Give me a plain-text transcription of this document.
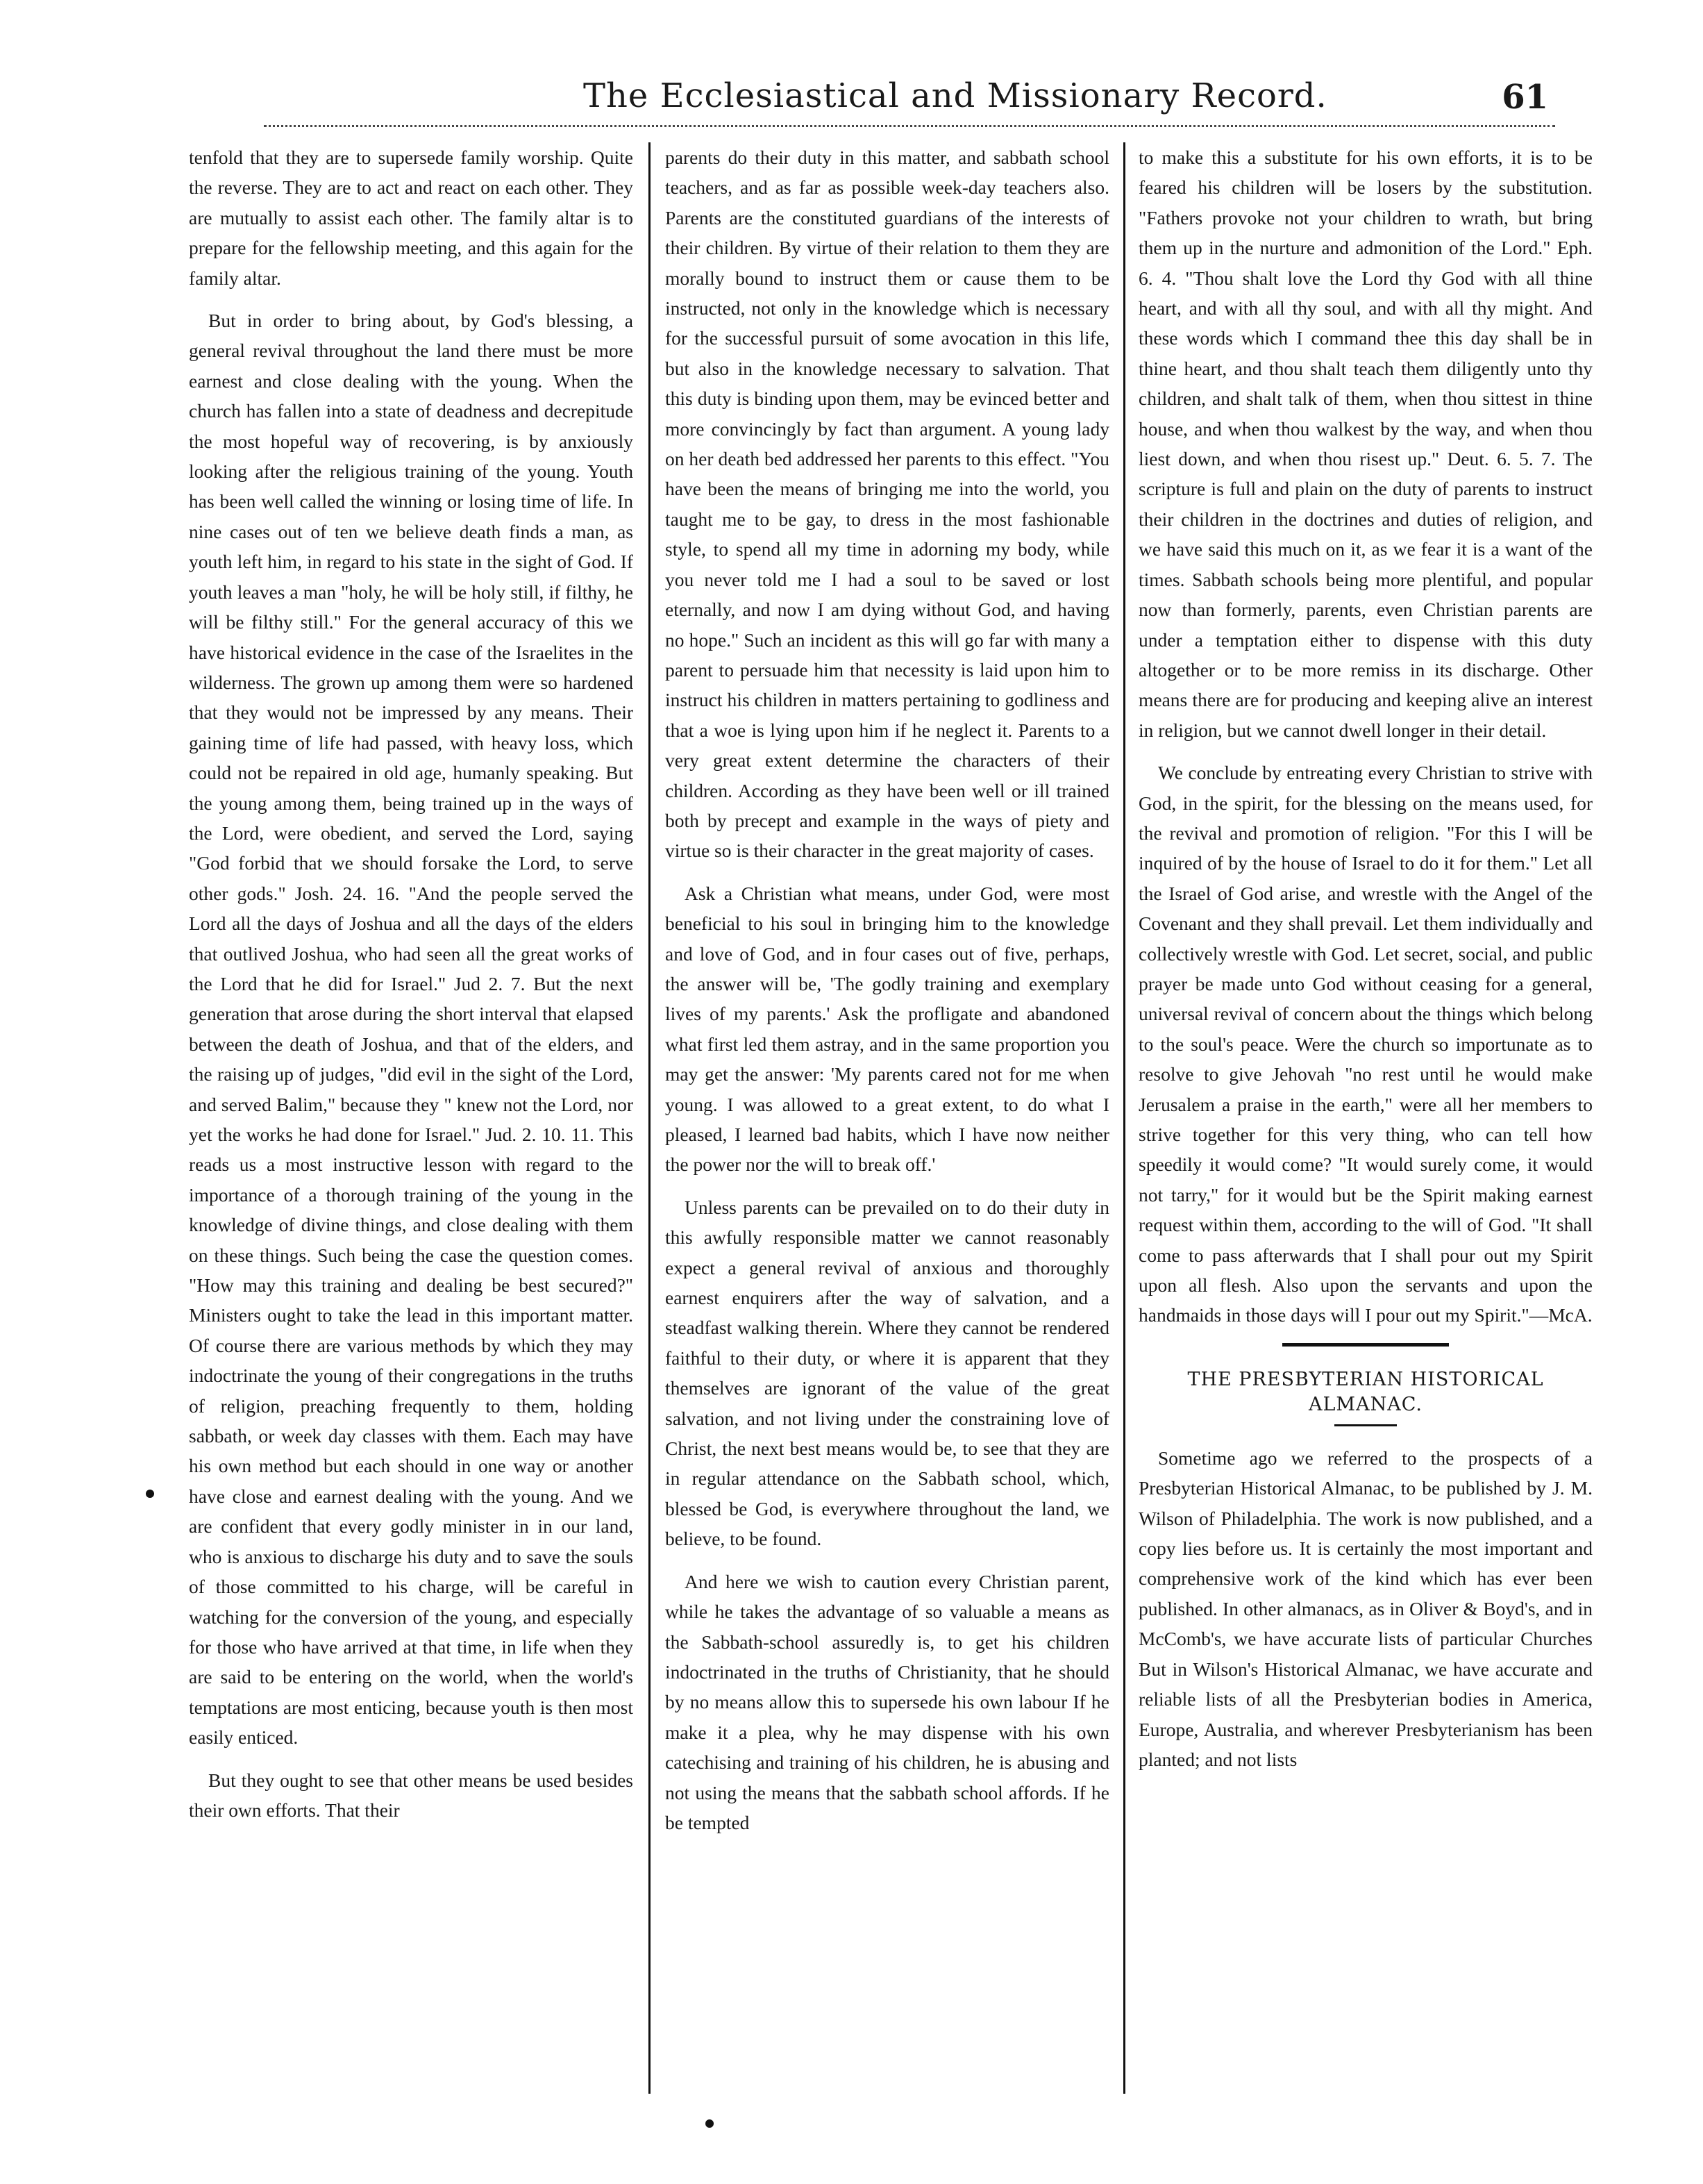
The Ecclesiastical and Missionary Record.	61

tenfold that they are to supersede family worship. Quite the reverse. They are to act and react on each other. They are mutually to assist each other. The family altar is to prepare for the fellowship meeting, and this again for the family altar.

But in order to bring about, by God's blessing, a general revival throughout the land there must be more earnest and close dealing with the young. When the church has fallen into a state of deadness and decrepitude the most hopeful way of recovering, is by anxiously looking after the religious training of the young. Youth has been well called the winning or losing time of life. In nine cases out of ten we believe death finds a man, as youth left him, in regard to his state in the sight of God. If youth leaves a man "holy, he will be holy still, if filthy, he will be filthy still." For the general accuracy of this we have historical evidence in the case of the Israelites in the wilderness. The grown up among them were so hardened that they would not be impressed by any means. Their gaining time of life had passed, with heavy loss, which could not be repaired in old age, humanly speaking. But the young among them, being trained up in the ways of the Lord, were obedient, and served the Lord, saying "God forbid that we should forsake the Lord, to serve other gods." Josh. 24. 16. "And the people served the Lord all the days of Joshua and all the days of the elders that outlived Joshua, who had seen all the great works of the Lord that he did for Israel." Jud 2. 7. But the next generation that arose during the short interval that elapsed between the death of Joshua, and that of the elders, and the raising up of judges, "did evil in the sight of the Lord, and served Balim," because they " knew not the Lord, nor yet the works he had done for Israel." Jud. 2. 10. 11. This reads us a most instructive lesson with regard to the importance of a thorough training of the young in the knowledge of divine things, and close dealing with them on these things. Such being the case the question comes. "How may this training and dealing be best secured?" Ministers ought to take the lead in this important matter. Of course there are various methods by which they may indoctrinate the young of their congregations in the truths of religion, preaching frequently to them, holding sabbath, or week day classes with them. Each may have his own method but each should in one way or another have close and earnest dealing with the young. And we are confident that every godly minister in in our land, who is anxious to discharge his duty and to save the souls of those committed to his charge, will be careful in watching for the conversion of the young, and especially for those who have arrived at that time, in life when they are said to be entering on the world, when the world's temptations are most enticing, because youth is then most easily enticed.

But they ought to see that other means be used besides their own efforts. That their

parents do their duty in this matter, and sabbath school teachers, and as far as possible week-day teachers also. Parents are the constituted guardians of the interests of their children. By virtue of their relation to them they are morally bound to instruct them or cause them to be instructed, not only in the knowledge which is necessary for the successful pursuit of some avocation in this life, but also in the knowledge necessary to salvation. That this duty is binding upon them, may be evinced better and more convincingly by fact than argument. A young lady on her death bed addressed her parents to this effect. "You have been the means of bringing me into the world, you taught me to be gay, to dress in the most fashionable style, to spend all my time in adorning my body, while you never told me I had a soul to be saved or lost eternally, and now I am dying without God, and having no hope." Such an incident as this will go far with many a parent to persuade him that necessity is laid upon him to instruct his children in matters pertaining to godliness and that a woe is lying upon him if he neglect it. Parents to a very great extent determine the characters of their children. According as they have been well or ill trained both by precept and example in the ways of piety and virtue so is their character in the great majority of cases.

Ask a Christian what means, under God, were most beneficial to his soul in bringing him to the knowledge and love of God, and in four cases out of five, perhaps, the answer will be, 'The godly training and exemplary lives of my parents.' Ask the profligate and abandoned what first led them astray, and in the same proportion you may get the answer: 'My parents cared not for me when young. I was allowed to a great extent, to do what I pleased, I learned bad habits, which I have now neither the power nor the will to break off.'

Unless parents can be prevailed on to do their duty in this awfully responsible matter we cannot reasonably expect a general revival of anxious and thoroughly earnest enquirers after the way of salvation, and a steadfast walking therein. Where they cannot be rendered faithful to their duty, or where it is apparent that they themselves are ignorant of the value of the great salvation, and not living under the constraining love of Christ, the next best means would be, to see that they are in regular attendance on the Sabbath school, which, blessed be God, is everywhere throughout the land, we believe, to be found.

And here we wish to caution every Christian parent, while he takes the advantage of so valuable a means as the Sabbath-school assuredly is, to get his children indoctrinated in the truths of Christianity, that he should by no means allow this to supersede his own labour If he make it a plea, why he may dispense with his own catechising and training of his children, he is abusing and not using the means that the sabbath school affords. If he be tempted

to make this a substitute for his own efforts, it is to be feared his children will be losers by the substitution. "Fathers provoke not your children to wrath, but bring them up in the nurture and admonition of the Lord." Eph. 6. 4. "Thou shalt love the Lord thy God with all thine heart, and with all thy soul, and with all thy might. And these words which I command thee this day shall be in thine heart, and thou shalt teach them diligently unto thy children, and shalt talk of them, when thou sittest in thine house, and when thou walkest by the way, and when thou liest down, and when thou risest up." Deut. 6. 5. 7. The scripture is full and plain on the duty of parents to instruct their children in the doctrines and duties of religion, and we have said this much on it, as we fear it is a want of the times. Sabbath schools being more plentiful, and popular now than formerly, parents, even Christian parents are under a temptation either to dispense with this duty altogether or to be more remiss in its discharge. Other means there are for producing and keeping alive an interest in religion, but we cannot dwell longer in their detail.

We conclude by entreating every Christian to strive with God, in the spirit, for the blessing on the means used, for the revival and promotion of religion. "For this I will be inquired of by the house of Israel to do it for them." Let all the Israel of God arise, and wrestle with the Angel of the Covenant and they shall prevail. Let them individually and collectively wrestle with God. Let secret, social, and public prayer be made unto God without ceasing for a general, universal revival of concern about the things which belong to the soul's peace. Were the church so importunate as to resolve to give Jehovah "no rest until he would make Jerusalem a praise in the earth," were all her members to strive together for this very thing, who can tell how speedily it would come? "It would surely come, it would not tarry," for it would but be the Spirit making earnest request within them, according to the will of God. "It shall come to pass afterwards that I shall pour out my Spirit upon all flesh. Also upon the servants and upon the handmaids in those days will I pour out my Spirit."—McA.

THE PRESBYTERIAN HISTORICAL ALMANAC.

Sometime ago we referred to the prospects of a Presbyterian Historical Almanac, to be published by J. M. Wilson of Philadelphia. The work is now published, and a copy lies before us. It is certainly the most important and comprehensive work of the kind which has ever been published. In other almanacs, as in Oliver & Boyd's, and in McComb's, we have accurate lists of particular Churches But in Wilson's Historical Almanac, we have accurate and reliable lists of all the Presbyterian bodies in America, Europe, Australia, and wherever Presbyterianism has been planted; and not lists
